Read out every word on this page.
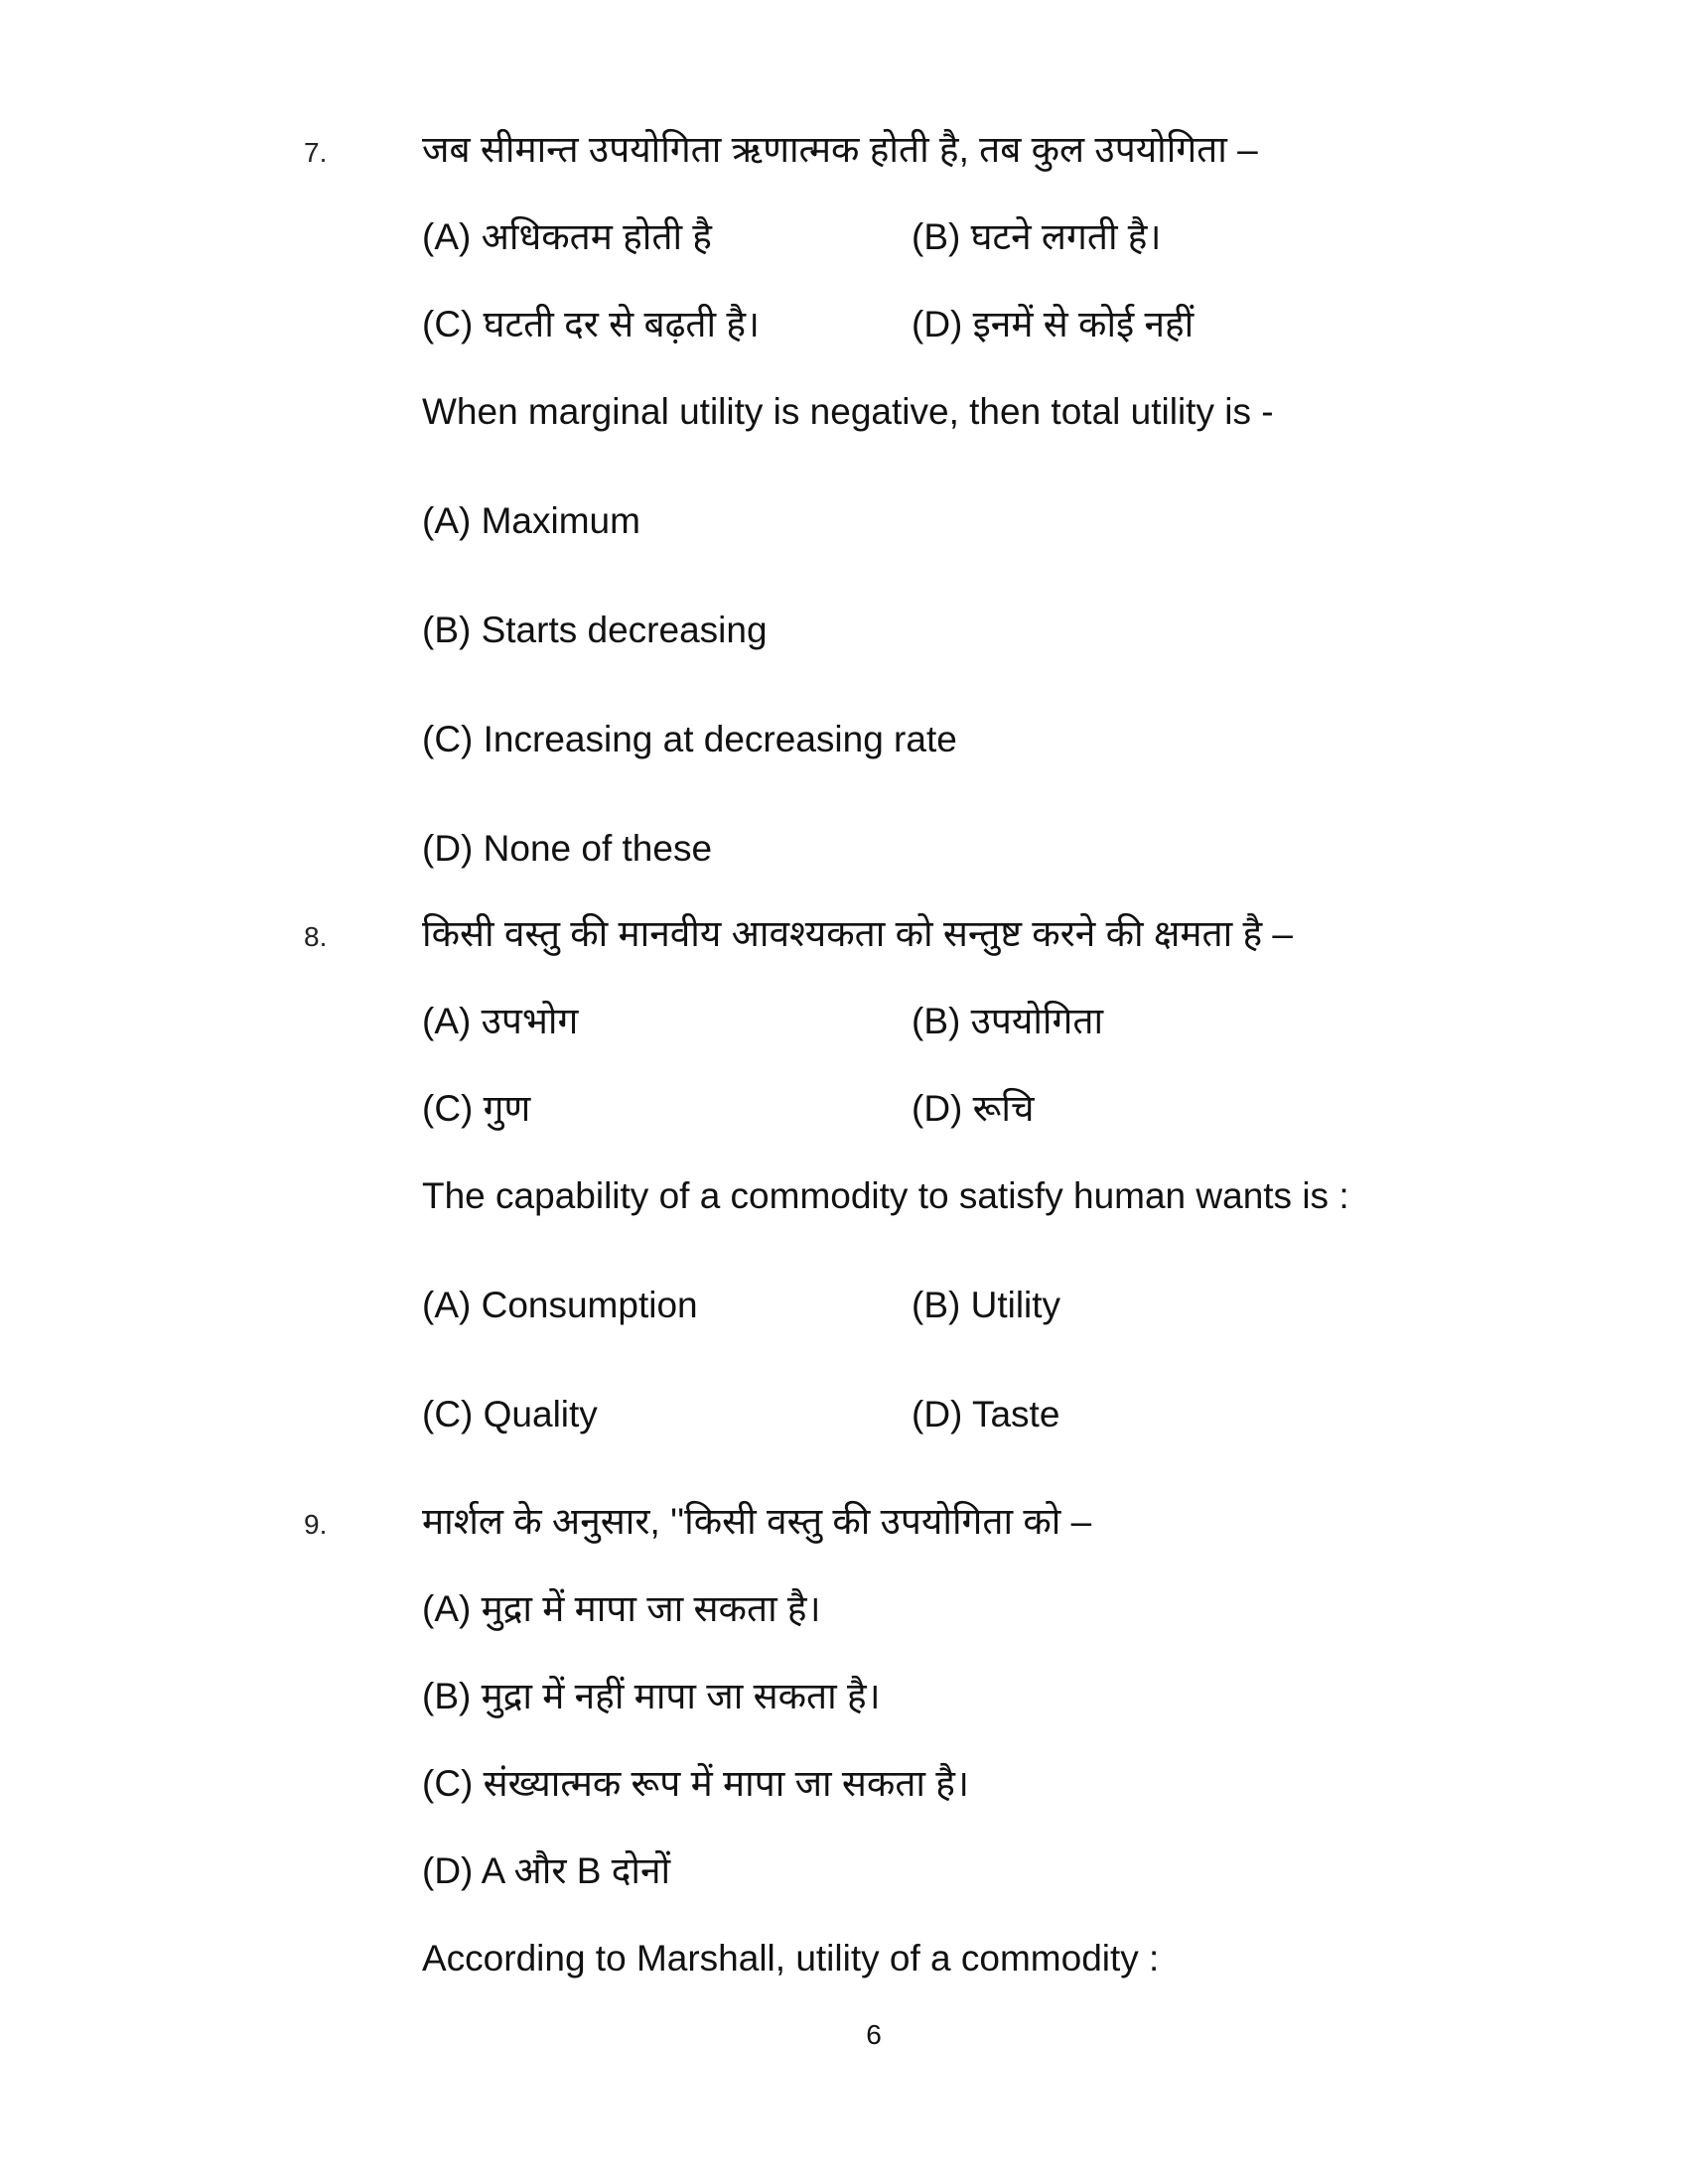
7.	जब सीमान्त उपयोगिता ऋणात्मक होती है, तब कुल उपयोगिता –
(A) अधिकतम होती है	(B) घटने लगती है।
(C) घटती दर से बढ़ती है।	(D) इनमें से कोई नहीं
When marginal utility is negative, then total utility is -
(A) Maximum
(B) Starts decreasing
(C) Increasing at decreasing rate
(D) None of these
8.	किसी वस्तु की मानवीय आवश्यकता को सन्तुष्ट करने की क्षमता है –
(A) उपभोग	(B) उपयोगिता
(C) गुण	(D) रूचि
The capability of a commodity to satisfy human wants is :
(A) Consumption	(B) Utility
(C) Quality	(D) Taste
9.	मार्शल के अनुसार, ''किसी वस्तु की उपयोगिता को –
(A) मुद्रा में मापा जा सकता है।
(B) मुद्रा में नहीं मापा जा सकता है।
(C) संख्यात्मक रूप में मापा जा सकता है।
(D) A और B दोनों
According to Marshall, utility of a commodity :
6
